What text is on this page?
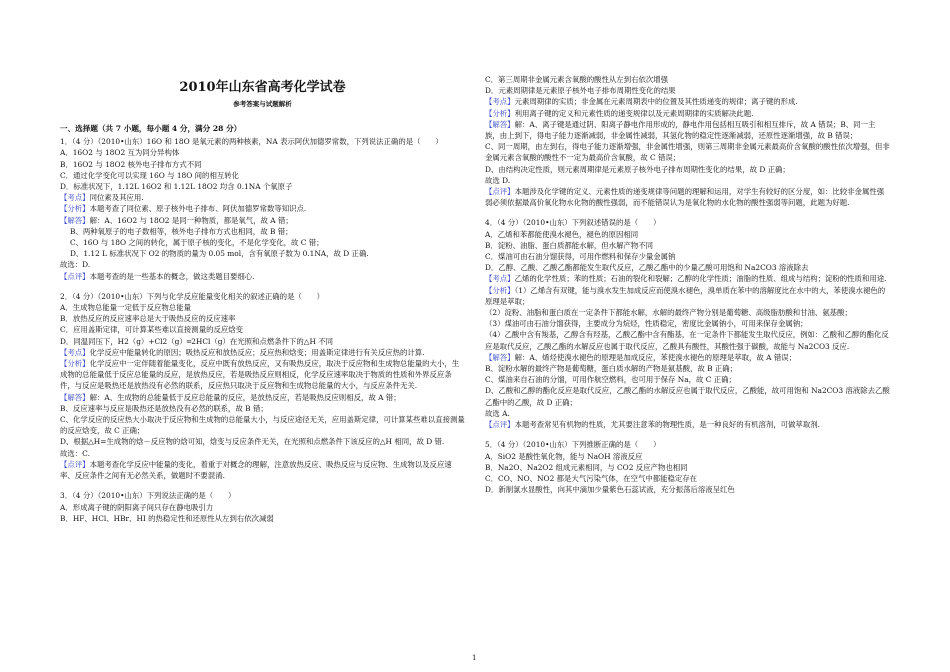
2010年山东省高考化学试卷
参考答案与试题解析
一、选择题（共 7 小题，每小题 4 分，满分 28 分）

1．（4 分）（2010•山东）16O 和 18O 是氧元素的两种核素，NA 表示阿伏加德罗常数，下列说法正确的是（　　）

A．16O2 与 18O2 互为同分异构体

B．16O2 与 18O2 核外电子排布方式不同

C．通过化学变化可以实现 16O 与 18O 间的相互转化

D．标准状况下，1.12L 16O2 和 1.12L 18O2 均含 0.1NA 个氧原子

【考点】同位素及其应用.

【分析】本题考查了同位素、原子核外电子排布、阿伏加德罗常数等知识点.

【解答】解：A、16O2 与 18O2 是同一种物质，都是氧气，故 A 错；

B、两种氧原子的电子数相等，核外电子排布方式也相同，故 B 错；

C、16O 与 18O 之间的转化，属于原子核的变化，不是化学变化，故 C 错；

D、1.12 L 标准状况下 O2 的物质的量为 0.05 mol，含有氧原子数为 0.1NA，故 D 正确.

故选：D.

【点评】本题考查的是一些基本的概念，做这类题目要细心.

2．（4 分）（2010•山东）下列与化学反应能量变化相关的叙述正确的是（　　）

A．生成物总能量一定低于反应物总能量

B．放热反应的反应速率总是大于吸热反应的反应速率

C．应用盖斯定律，可计算某些难以直接测量的反应焓变

D．同温同压下，H2（g）+Cl2（g）═2HCl（g）在光照和点燃条件下的△H 不同

【考点】化学反应中能量转化的原因；吸热反应和放热反应；反应热和焓变；用盖斯定律进行有关反应热的计算.

【分析】化学反应中一定伴随着能量变化，反应中既有放热反应，又有吸热反应，取决于反应物和生成物总能量的大小，生成物的总能量低于反应总能量的反应，是放热反应，若是吸热反应则相反，化学反应速率取决于物质的性质和外界反应条件，与反应是吸热还是放热没有必然的联系，反应热只取决于反应物和生成物总能量的大小，与反应条件无关.

【解答】解：A、生成物的总能量低于反应总能量的反应，是放热反应，若是吸热反应则相反，故 A 错；

B、反应速率与反应是吸热还是放热没有必然的联系，故 B 错；

C、化学反应的反应热大小取决于反应物和生成物的总能量大小，与反应途径无关，应用盖斯定律，可计算某些难以直接测量的反应焓变，故 C 正确；

D、根据△H=生成物的焓－反应物的焓可知，焓变与反应条件无关，在光照和点燃条件下该反应的△H 相同，故 D 错.

故选：C.

【点评】本题考查化学反应中能量的变化，着重于对概念的理解，注意放热反应、吸热反应与反应物、生成物以及反应速率、反应条件之间有无必然关系，做题时不要混淆.

3．（4 分）（2010•山东）下列说法正确的是（　　）

A．形成离子键的阴阳离子间只存在静电吸引力

B．HF、HCl、HBr、HI 的热稳定性和还原性从左到右依次减弱

C．第三周期非金属元素含氧酸的酸性从左到右依次增强

D．元素周期律是元素原子核外电子排布周期性变化的结果

【考点】元素周期律的实质；非金属在元素周期表中的位置及其性质递变的规律；离子键的形成.

【分析】利用离子键的定义和元素性质的递变规律以及元素周期律的实质解决此题.

【解答】解：A、离子键是通过阴、阳离子静电作用形成的，静电作用包括相互吸引和相互排斥，故 A 错误；B、同一主族，由上到下，得电子能力逐渐减弱，非金属性减弱，其氢化物的稳定性逐渐减弱，还原性逐渐增强，故 B 错误；

C、同一周期，由左到右，得电子能力逐渐增强，非金属性增强，则第三周期非金属元素最高价含氧酸的酸性依次增强，但非金属元素含氧酸的酸性不一定为最高价含氧酸，故 C 错误；

D、由结构决定性质，则元素周期律是元素原子核外电子排布周期性变化的结果，故 D 正确；

故选 D.

【点评】本题涉及化学键的定义、元素性质的递变规律等问题的理解和运用，对学生有较好的区分度，如：比较非金属性强弱必须依据最高价氧化物水化物的酸性强弱，而不能错误认为是氧化物的水化物的酸性强弱等问题，此题为好题.

4．（4 分）（2010•山东）下列叙述错误的是（　　）

A．乙烯和苯都能使溴水褪色，褪色的原因相同

B．淀粉、油脂、蛋白质都能水解，但水解产物不同

C．煤油可由石油分馏获得，可用作燃料和保存少量金属钠

D．乙醇、乙酸、乙酸乙酯都能发生取代反应，乙酸乙酯中的少量乙酸可用饱和 Na2CO3 溶液除去

【考点】乙烯的化学性质；苯的性质；石油的裂化和裂解；乙醇的化学性质；油脂的性质、组成与结构；淀粉的性质和用途.

【分析】（1）乙烯含有双键，能与溴水发生加成反应而使溴水褪色，溴单质在苯中的溶解度比在水中的大，苯使溴水褪色的原理是萃取；

（2）淀粉、油脂和蛋白质在一定条件下都能水解，水解的最终产物分别是葡萄糖、高级脂肪酸和甘油、氨基酸；

（3）煤油可由石油分馏获得，主要成分为烷烃，性质稳定，密度比金属钠小，可用来保存金属钠；

（4）乙酸中含有羧基，乙醇含有羟基，乙酸乙酯中含有酯基，在一定条件下都能发生取代反应，例如：乙酸和乙醇的酯化反应是取代反应，乙酸乙酯的水解反应也属于取代反应，乙酸具有酸性，其酸性强于碳酸，故能与 Na2CO3 反应.

【解答】解：A、烯烃使溴水褪色的原理是加成反应，苯使溴水褪色的原理是萃取，故 A 错误；

B、淀粉水解的最终产物是葡萄糖，蛋白质水解的产物是氨基酸，故 B 正确；

C、煤油来自石油的分馏，可用作航空燃料，也可用于保存 Na，故 C 正确；

D、乙酸和乙醇的酯化反应是取代反应，乙酸乙酯的水解反应也属于取代反应，乙酸能，故可用饱和 Na2CO3 溶液除去乙酸乙酯中的乙酸，故 D 正确；

故选 A.

【点评】本题考查常见有机物的性质，尤其要注意苯的物理性质，是一种良好的有机溶剂，可做萃取剂.

5．（4 分）（2010•山东）下列推断正确的是（　　）

A．SiO2 是酸性氧化物，能与 NaOH 溶液反应

B．Na2O、Na2O2 组成元素相同，与 CO2 反应产物也相同

C．CO、NO、NO2 都是大气污染气体，在空气中都能稳定存在

D．新制氯水显酸性，向其中滴加少量紫色石蕊试液，充分振荡后溶液呈红色

1
